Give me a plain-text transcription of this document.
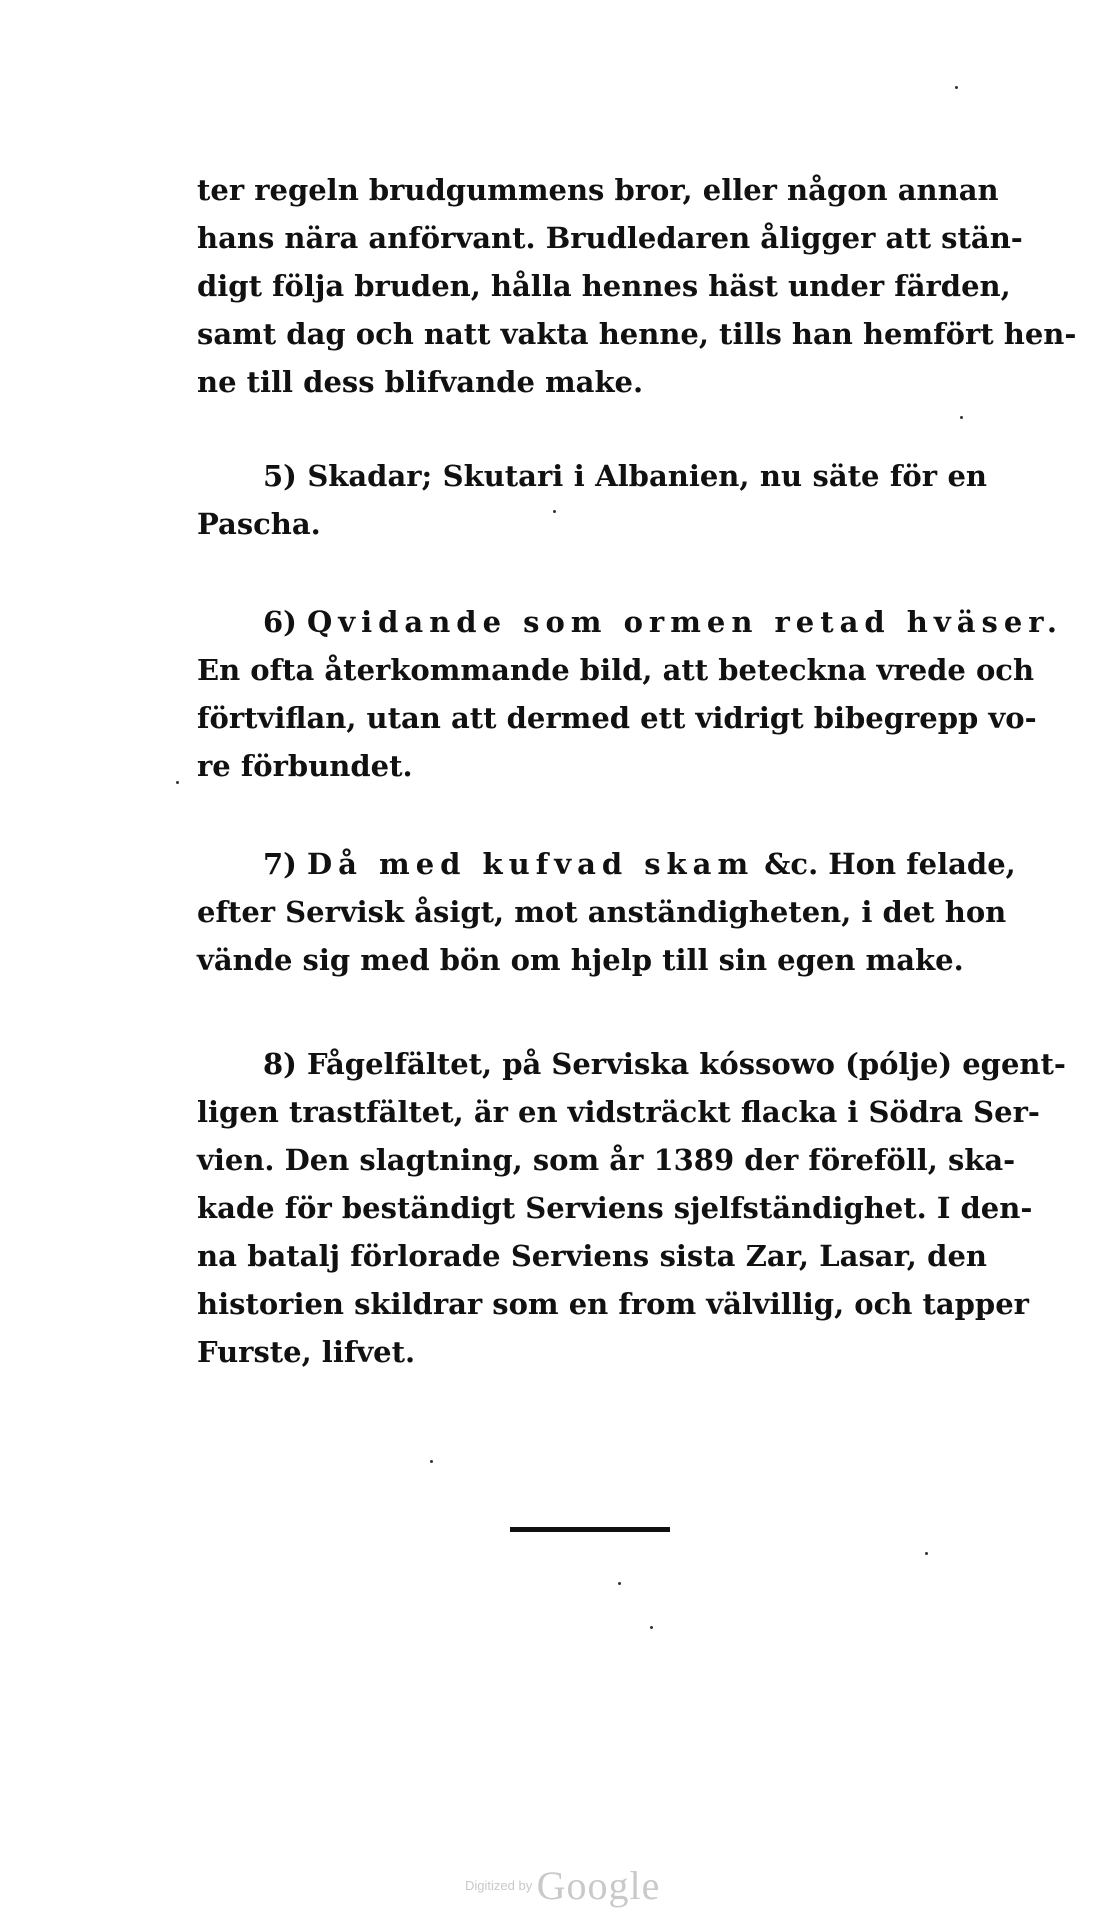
ter regeln brudgummens bror, eller någon annan
hans nära anförvant. Brudledaren åligger att stän-
digt följa bruden, hålla hennes häst under färden,
samt dag och natt vakta henne, tills han hemfört hen-
ne till dess blifvande make.
5) Skadar; Skutari i Albanien, nu säte för en
Pascha.
6) Qvidande som ormen retad hväser.
En ofta återkommande bild, att beteckna vrede och
förtviflan, utan att dermed ett vidrigt bibegrepp vo-
re förbundet.
7) Då med kufvad skam &c. Hon felade,
efter Servisk åsigt, mot anständigheten, i det hon
vände sig med bön om hjelp till sin egen make.
8) Fågelfältet, på Serviska kóssowo (pólje) egent-
ligen trastfältet, är en vidsträckt flacka i Södra Ser-
vien. Den slagtning, som år 1389 der föreföll, ska-
kade för beständigt Serviens sjelfständighet. I den-
na batalj förlorade Serviens sista Zar, Lasar, den
historien skildrar som en from välvillig, och tapper
Furste, lifvet.
Digitized by Google
